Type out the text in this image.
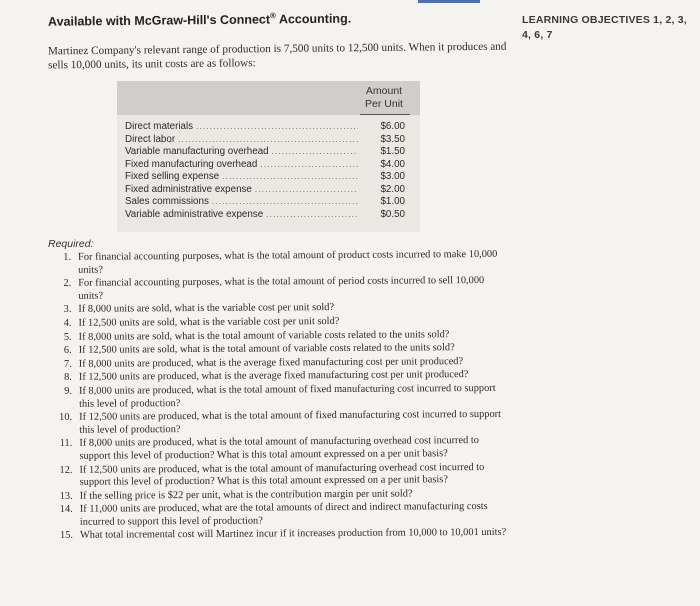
Available with McGraw-Hill's Connect® Accounting.	LEARNING OBJECTIVES 1, 2, 3,
4, 6, 7
Martinez Company's relevant range of production is 7,500 units to 12,500 units. When it produces and sells 10,000 units, its unit costs are as follows:
Amount
Per Unit
Direct materials .....	$6.00
Direct labor .....	$3.50
Variable manufacturing overhead .....	$1.50
Fixed manufacturing overhead .....	$4.00
Fixed selling expense .....	$3.00
Fixed administrative expense .....	$2.00
Sales commissions .....	$1.00
Variable administrative expense .....	$0.50
Required:
1. For financial accounting purposes, what is the total amount of product costs incurred to make 10,000 units?
2. For financial accounting purposes, what is the total amount of period costs incurred to sell 10,000 units?
3. If 8,000 units are sold, what is the variable cost per unit sold?
4. If 12,500 units are sold, what is the variable cost per unit sold?
5. If 8,000 units are sold, what is the total amount of variable costs related to the units sold?
6. If 12,500 units are sold, what is the total amount of variable costs related to the units sold?
7. If 8,000 units are produced, what is the average fixed manufacturing cost per unit produced?
8. If 12,500 units are produced, what is the average fixed manufacturing cost per unit produced?
9. If 8,000 units are produced, what is the total amount of fixed manufacturing cost incurred to support this level of production?
10. If 12,500 units are produced, what is the total amount of fixed manufacturing cost incurred to support this level of production?
11. If 8,000 units are produced, what is the total amount of manufacturing overhead cost incurred to support this level of production? What is this total amount expressed on a per unit basis?
12. If 12,500 units are produced, what is the total amount of manufacturing overhead cost incurred to support this level of production? What is this total amount expressed on a per unit basis?
13. If the selling price is $22 per unit, what is the contribution margin per unit sold?
14. If 11,000 units are produced, what are the total amounts of direct and indirect manufacturing costs incurred to support this level of production?
15. What total incremental cost will Martinez incur if it increases production from 10,000 to 10,001 units?
